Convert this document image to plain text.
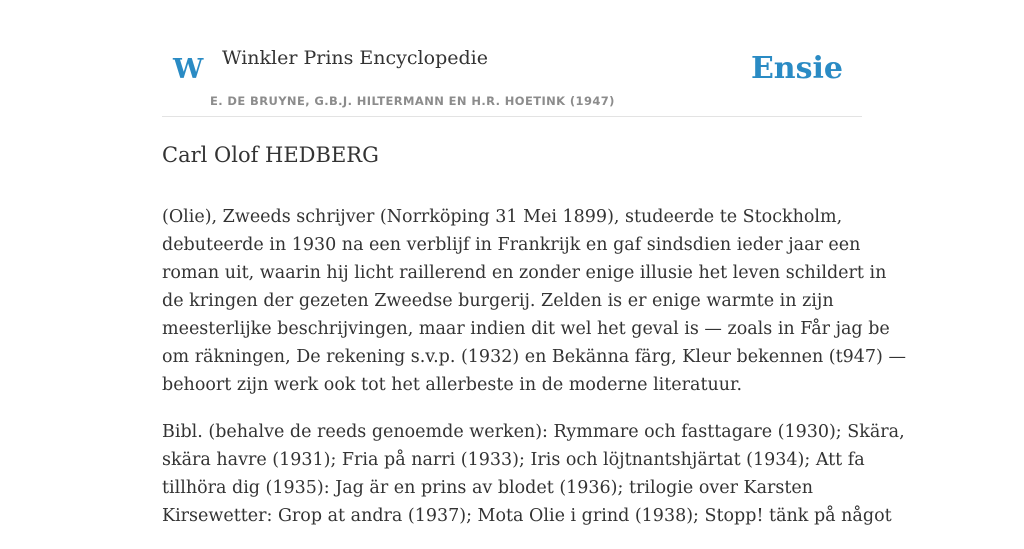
W Winkler Prins Encyclopedie
E. DE BRUYNE, G.B.J. HILTERMANN EN H.R. HOETINK (1947)
Ensie
Carl Olof HEDBERG
(Olie), Zweeds schrijver (Norrköping 31 Mei 1899), studeerde te Stockholm,
debuteerde in 1930 na een verblijf in Frankrijk en gaf sindsdien ieder jaar een
roman uit, waarin hij licht raillerend en zonder enige illusie het leven schildert in
de kringen der gezeten Zweedse burgerij. Zelden is er enige warmte in zijn
meesterlijke beschrijvingen, maar indien dit wel het geval is — zoals in Får jag be
om räkningen, De rekening s.v.p. (1932) en Bekänna färg, Kleur bekennen (t947) —
behoort zijn werk ook tot het allerbeste in de moderne literatuur.
Bibl. (behalve de reeds genoemde werken): Rymmare och fasttagare (1930); Skära,
skära havre (1931); Fria på narri (1933); Iris och löjtnantshjärtat (1934); Att fa
tillhöra dig (1935): Jag är en prins av blodet (1936); trilogie over Karsten
Kirsewetter: Grop at andra (1937); Mota Olie i grind (1938); Stopp! tänk på något
